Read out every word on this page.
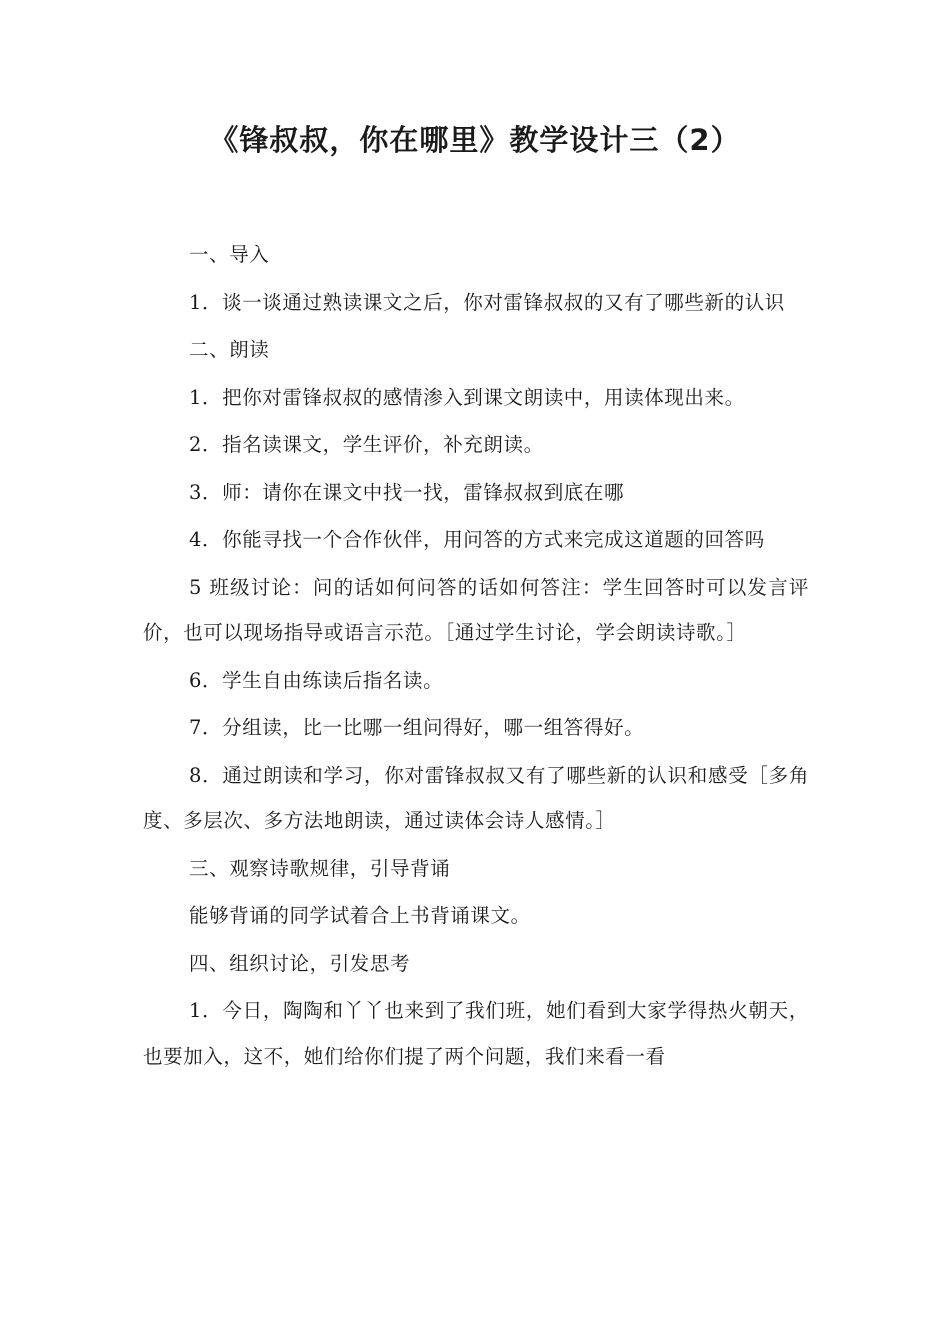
《锋叔叔，你在哪里》教学设计三（2）

一、导入

1．谈一谈通过熟读课文之后，你对雷锋叔叔的又有了哪些新的认识

二、朗读

1．把你对雷锋叔叔的感情渗入到课文朗读中，用读体现出来。

2．指名读课文，学生评价，补充朗读。

3．师：请你在课文中找一找，雷锋叔叔到底在哪

4．你能寻找一个合作伙伴，用问答的方式来完成这道题的回答吗

5 班级讨论：问的话如何问答的话如何答注：学生回答时可以发言评价，也可以现场指导或语言示范。［通过学生讨论，学会朗读诗歌。］

6．学生自由练读后指名读。

7．分组读，比一比哪一组问得好，哪一组答得好。

8．通过朗读和学习，你对雷锋叔叔又有了哪些新的认识和感受［多角度、多层次、多方法地朗读，通过读体会诗人感情。］

三、观察诗歌规律，引导背诵

能够背诵的同学试着合上书背诵课文。

四、组织讨论，引发思考

1．今日，陶陶和丫丫也来到了我们班，她们看到大家学得热火朝天，也要加入，这不，她们给你们提了两个问题，我们来看一看
